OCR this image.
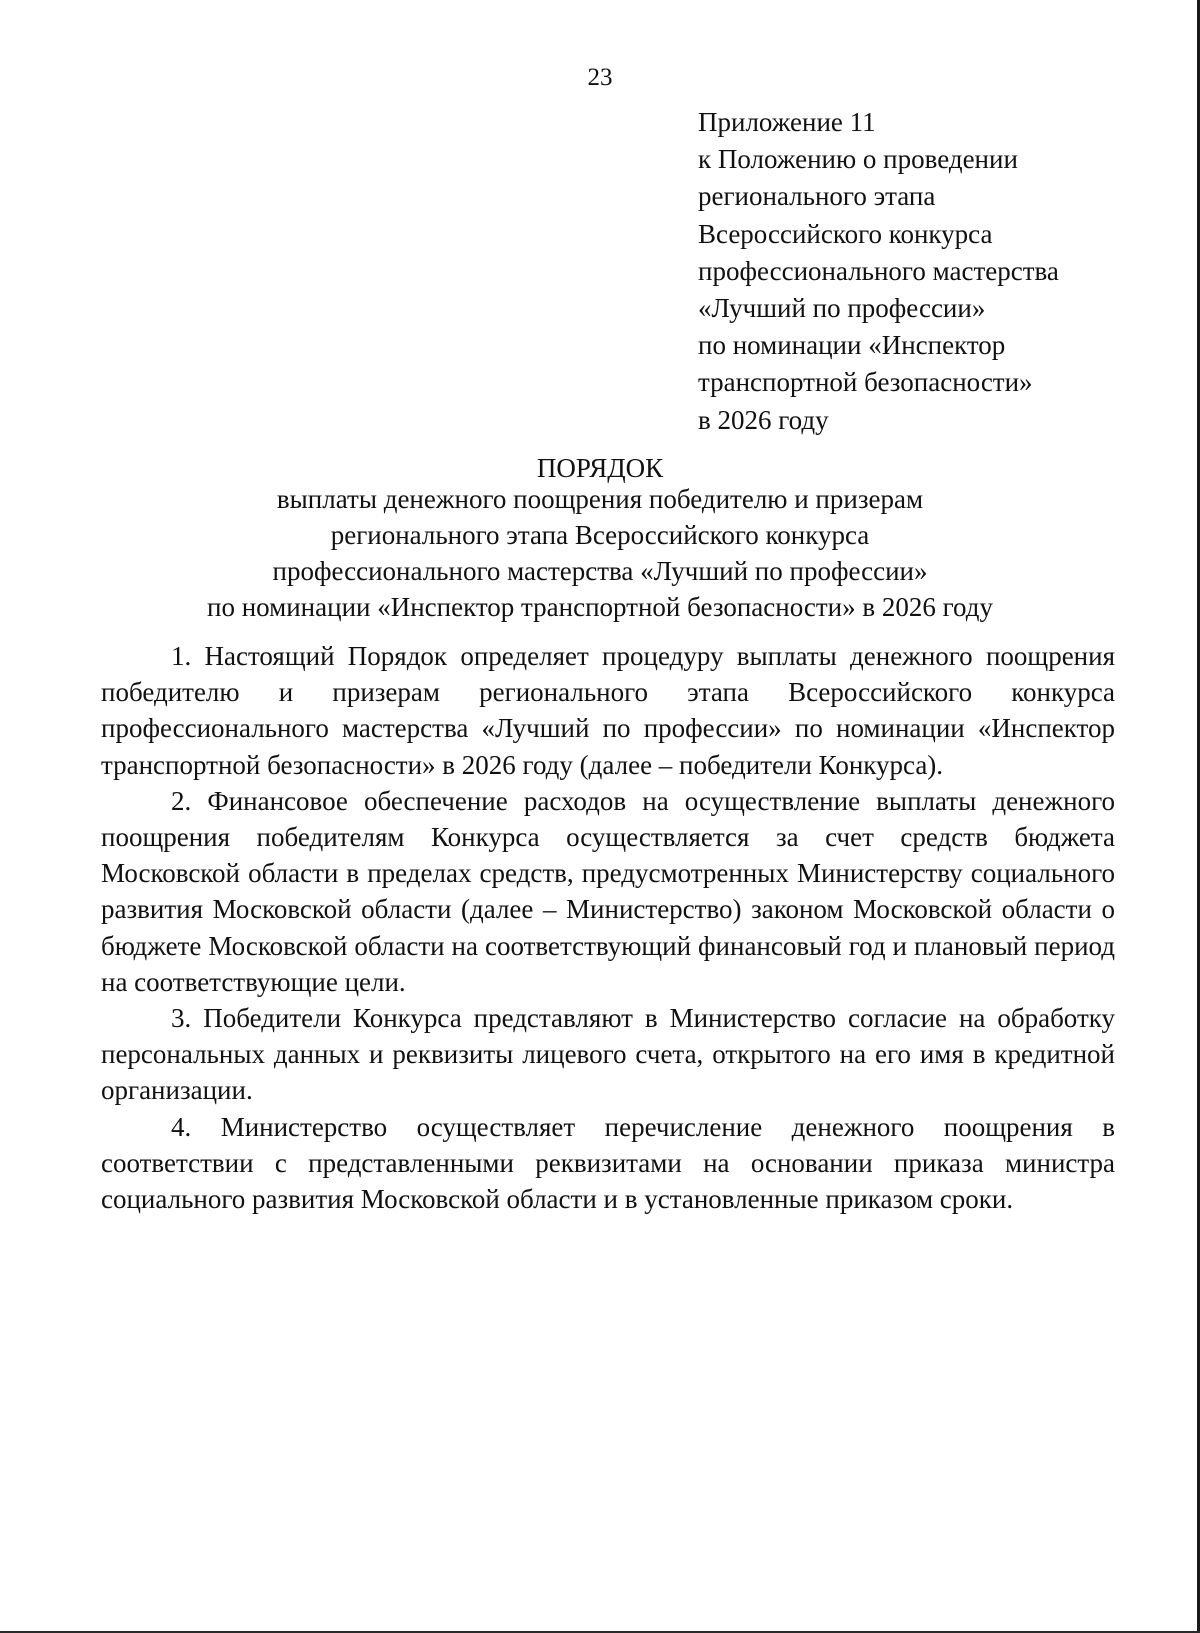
23
Приложение 11
к Положению о проведении
регионального этапа
Всероссийского конкурса
профессионального мастерства
«Лучший по профессии»
по номинации «Инспектор
транспортной безопасности»
в 2026 году
ПОРЯДОК
выплаты денежного поощрения победителю и призерам
регионального этапа Всероссийского конкурса
профессионального мастерства «Лучший по профессии»
по номинации «Инспектор транспортной безопасности» в 2026 году

1. Настоящий Порядок определяет процедуру выплаты денежного поощрения победителю и призерам регионального этапа Всероссийского конкурса профессионального мастерства «Лучший по профессии» по номинации «Инспектор транспортной безопасности» в 2026 году (далее – победители Конкурса).

2. Финансовое обеспечение расходов на осуществление выплаты денежного поощрения победителям Конкурса осуществляется за счет средств бюджета Московской области в пределах средств, предусмотренных Министерству социального развития Московской области (далее – Министерство) законом Московской области о бюджете Московской области на соответствующий финансовый год и плановый период на соответствующие цели.

3. Победители Конкурса представляют в Министерство согласие на обработку персональных данных и реквизиты лицевого счета, открытого на его имя в кредитной организации.

4. Министерство осуществляет перечисление денежного поощрения в соответствии с представленными реквизитами на основании приказа министра социального развития Московской области и в установленные приказом сроки.
